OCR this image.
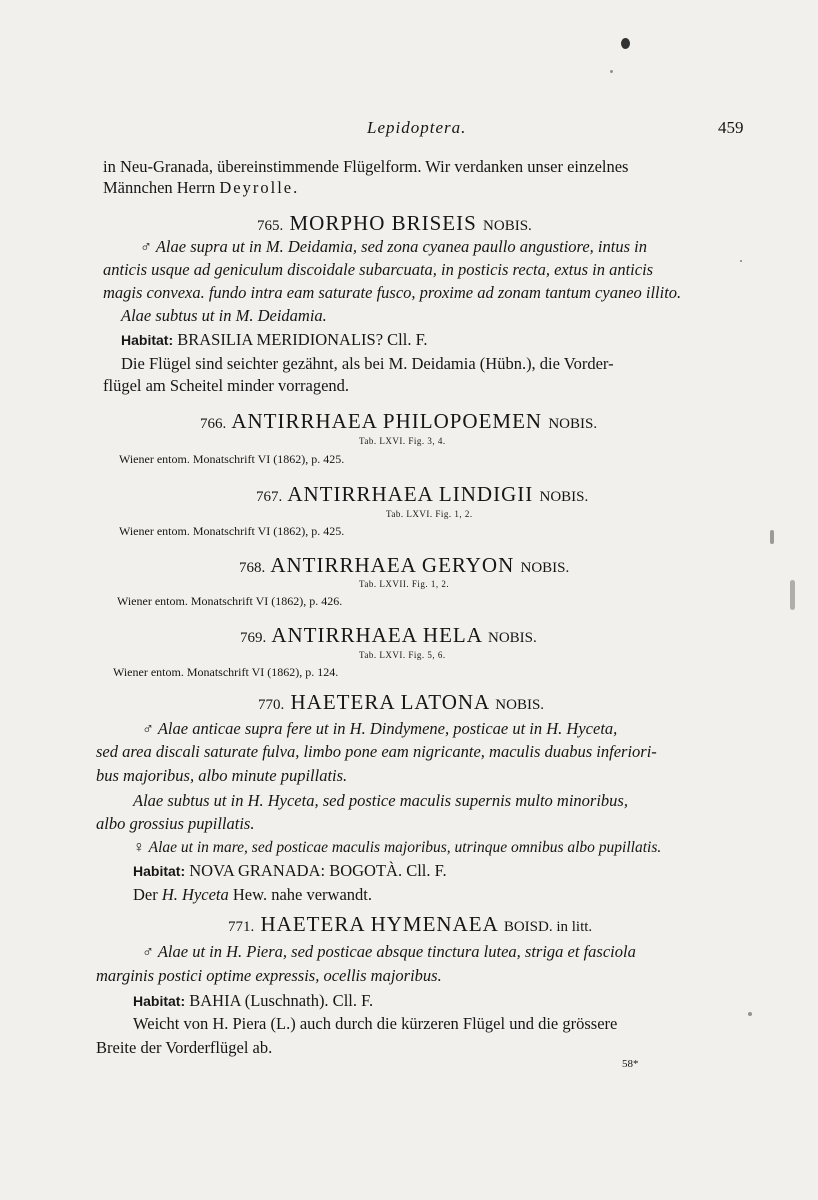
Lepidoptera.	459
in Neu-Granada, übereinstimmende Flügelform. Wir verdanken unser einzelnes
Männchen Herrn Deyrolle.
765. MORPHO BRISEIS NOBIS.
♂ Alae supra ut in M. Deidamia, sed zona cyanea paullo angustiore, intus in
anticis usque ad geniculum discoidale subarcuata, in posticis recta, extus in anticis
magis convexa. fundo intra eam saturate fusco, proxime ad zonam tantum cyaneo illito.
Alae subtus ut in M. Deidamia.
Habitat: BRASILIA MERIDIONALIS? Cll. F.
Die Flügel sind seichter gezähnt, als bei M. Deidamia (Hübn.), die Vorder-
flügel am Scheitel minder vorragend.
766. ANTIRRHAEA PHILOPOEMEN NOBIS.
Tab. LXVI. Fig. 3, 4.
Wiener entom. Monatschrift VI (1862), p. 425.
767. ANTIRRHAEA LINDIGII NOBIS.
Tab. LXVI. Fig. 1, 2.
Wiener entom. Monatschrift VI (1862), p. 425.
768. ANTIRRHAEA GERYON NOBIS.
Tab. LXVII. Fig. 1, 2.
Wiener entom. Monatschrift VI (1862), p. 426.
769. ANTIRRHAEA HELA NOBIS.
Tab. LXVI. Fig. 5, 6.
Wiener entom. Monatschrift VI (1862), p. 124.
770. HAETERA LATONA NOBIS.
♂ Alae anticae supra fere ut in H. Dindymene, posticae ut in H. Hyceta,
sed area discali saturate fulva, limbo pone eam nigricante, maculis duabus inferiori-
bus majoribus, albo minute pupillatis.
Alae subtus ut in H. Hyceta, sed postice maculis supernis multo minoribus,
albo grossius pupillatis.
♀ Alae ut in mare, sed posticae maculis majoribus, utrinque omnibus albo pupillatis.
Habitat: NOVA GRANADA: BOGOTÀ. Cll. F.
Der H. Hyceta Hew. nahe verwandt.
771. HAETERA HYMENAEA BOISD. in litt.
♂ Alae ut in H. Piera, sed posticae absque tinctura lutea, striga et fasciola
marginis postici optime expressis, ocellis majoribus.
Habitat: BAHIA (Luschnath). Cll. F.
Weicht von H. Piera (L.) auch durch die kürzeren Flügel und die grössere
Breite der Vorderflügel ab.
58*
